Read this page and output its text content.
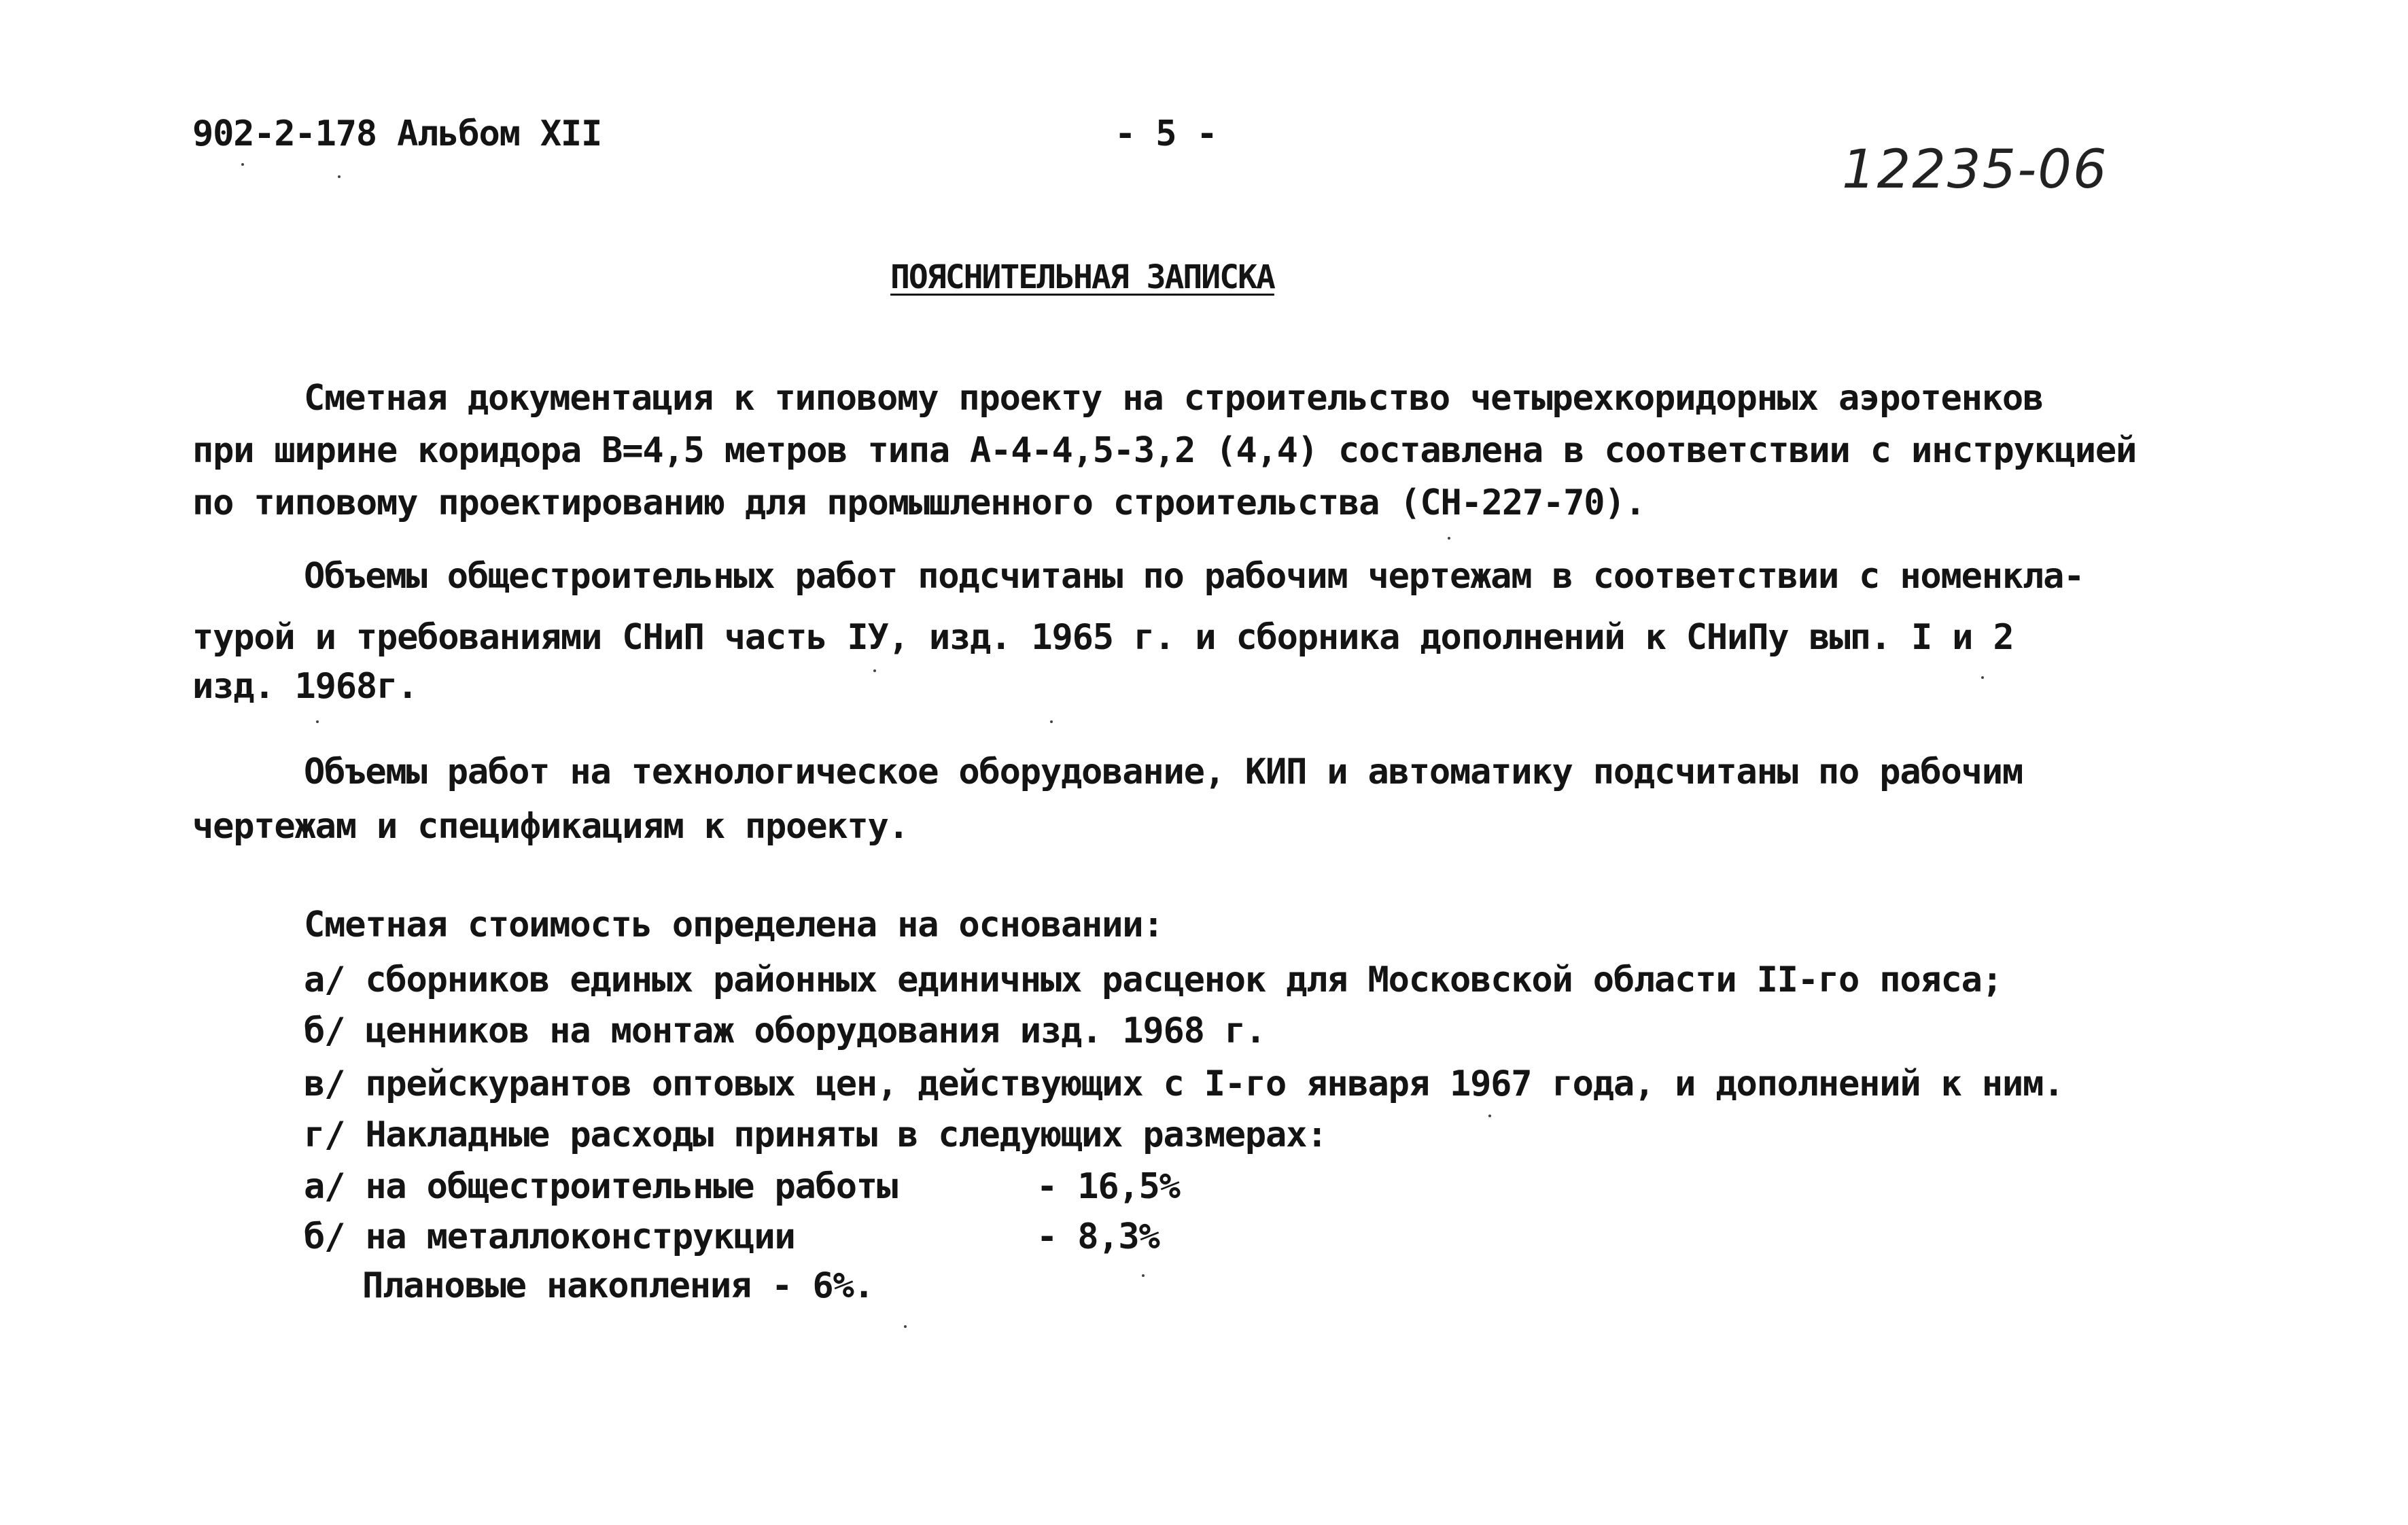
902-2-178 Альбом XII	- 5 -
12235-06
ПОЯСНИТЕЛЬНАЯ ЗАПИСКА
Сметная документация к типовому проекту на строительство четырехкоридорных аэротенков
при ширине коридора В=4,5 метров типа А-4-4,5-3,2 (4,4) составлена в соответствии с инструкцией
по типовому проектированию для промышленного строительства (СН-227-70).
Объемы общестроительных работ подсчитаны по рабочим чертежам в соответствии с номенкла-
турой и требованиями СНиП часть IУ, изд. 1965 г. и сборника дополнений к СНиПу вып. I и 2
изд. 1968г.
Объемы работ на технологическое оборудование, КИП и автоматику подсчитаны по рабочим
чертежам и спецификациям к проекту.
Сметная стоимость определена на основании:
а/ сборников единых районных единичных расценок для Московской области II-го пояса;
б/ ценников на монтаж оборудования изд. 1968 г.
в/ прейскурантов оптовых цен, действующих с I-го января 1967 года, и дополнений к ним.
г/ Накладные расходы приняты в следующих размерах:
а/ на общестроительные работы	- 16,5%
б/ на металлоконструкции	- 8,3%
Плановые накопления - 6%.
